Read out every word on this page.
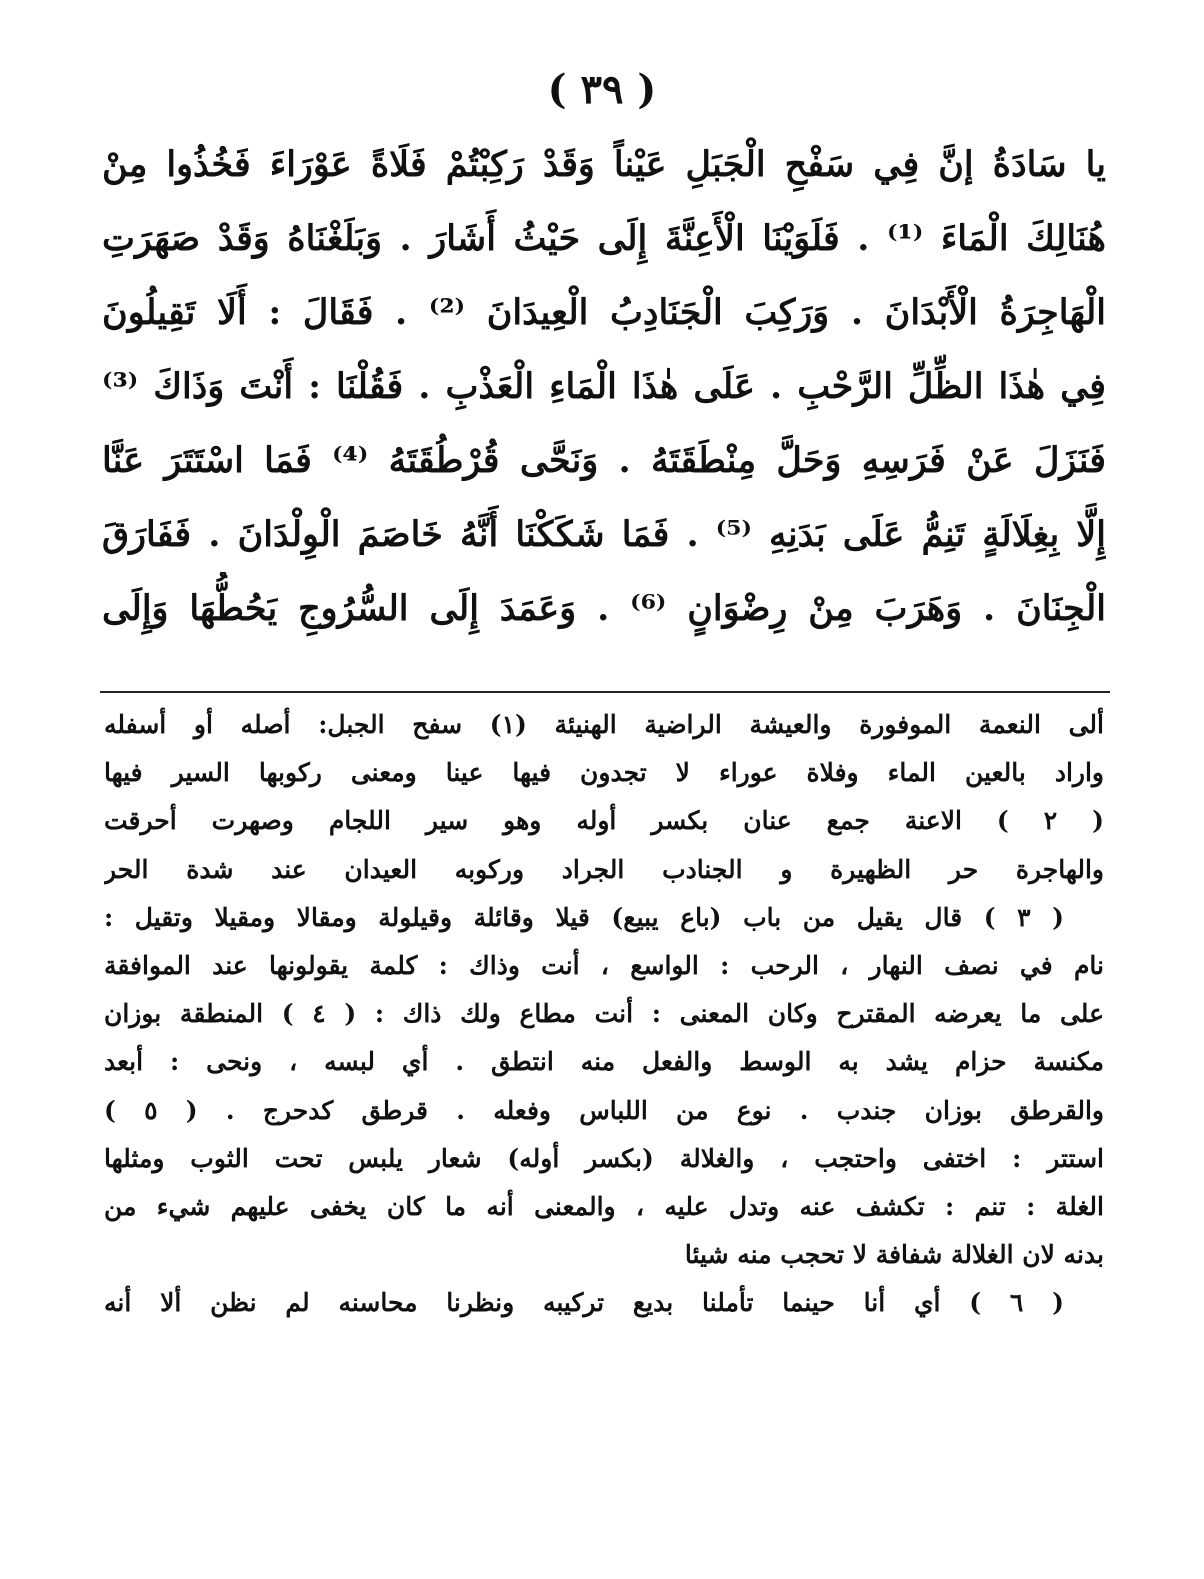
( ٣٩ )
يا سَادَةُ إنَّ فِي سَفْحِ الْجَبَلِ عَيْناً وَقَدْ رَكِبْتُمْ فَلَاةً عَوْرَاءَ فَخُذُوا مِنْ
هُنَالِكَ الْمَاءَ ⁽¹⁾ . فَلَوَيْنَا الْأَعِنَّةَ إِلَى حَيْثُ أَشَارَ . وَبَلَغْنَاهُ وَقَدْ صَهَرَتِ
الْهَاجِرَةُ الْأَبْدَانَ . وَرَكِبَ الْجَنَادِبُ الْعِيدَانَ ⁽²⁾ . فَقَالَ : أَلَا تَقِيلُونَ
فِي هٰذَا الظِّلِّ الرَّحْبِ . عَلَى هٰذَا الْمَاءِ الْعَذْبِ . فَقُلْنَا : أَنْتَ وَذَاكَ ⁽³⁾
فَنَزَلَ عَنْ فَرَسِهِ وَحَلَّ مِنْطَقَتَهُ . وَنَحَّى قُرْطُقَتَهُ ⁽⁴⁾ فَمَا اسْتَتَرَ عَنَّا
إِلَّا بِغِلَالَةٍ تَنِمُّ عَلَى بَدَنِهِ ⁽⁵⁾ . فَمَا شَكَكْنَا أَنَّهُ خَاصَمَ الْوِلْدَانَ . فَفَارَقَ
الْجِنَانَ . وَهَرَبَ مِنْ رِضْوَانٍ ⁽⁶⁾ . وَعَمَدَ إِلَى السُّرُوجِ يَحُطُّهَا وَإِلَى
ألى النعمة الموفورة والعيشة الراضية الهنيئة (١) سفح الجبل: أصله أو أسفله
واراد بالعين الماء وفلاة عوراء لا تجدون فيها عينا ومعنى ركوبها السير فيها
( ٢ ) الاعنة جمع عنان بكسر أوله وهو سير اللجام وصهرت أحرقت
والهاجرة حر الظهيرة و الجنادب الجراد وركوبه العيدان عند شدة الحر
( ٣ ) قال يقيل من باب (باع يبيع) قيلا وقائلة وقيلولة ومقالا ومقيلا وتقيل :
نام في نصف النهار ، الرحب : الواسع ، أنت وذاك : كلمة يقولونها عند الموافقة
على ما يعرضه المقترح وكان المعنى : أنت مطاع ولك ذاك : ( ٤ ) المنطقة بوزان
مكنسة حزام يشد به الوسط والفعل منه انتطق . أي لبسه ، ونحى : أبعد
والقرطق بوزان جندب . نوع من اللباس وفعله . قرطق كدحرج . ( ٥ )
استتر : اختفى واحتجب ، والغلالة (بكسر أوله) شعار يلبس تحت الثوب ومثلها
الغلة : تنم : تكشف عنه وتدل عليه ، والمعنى أنه ما كان يخفى عليهم شيء من
بدنه لان الغلالة شفافة لا تحجب منه شيئا
( ٦ ) أي أنا حينما تأملنا بديع تركيبه ونظرنا محاسنه لم نظن ألا أنه
